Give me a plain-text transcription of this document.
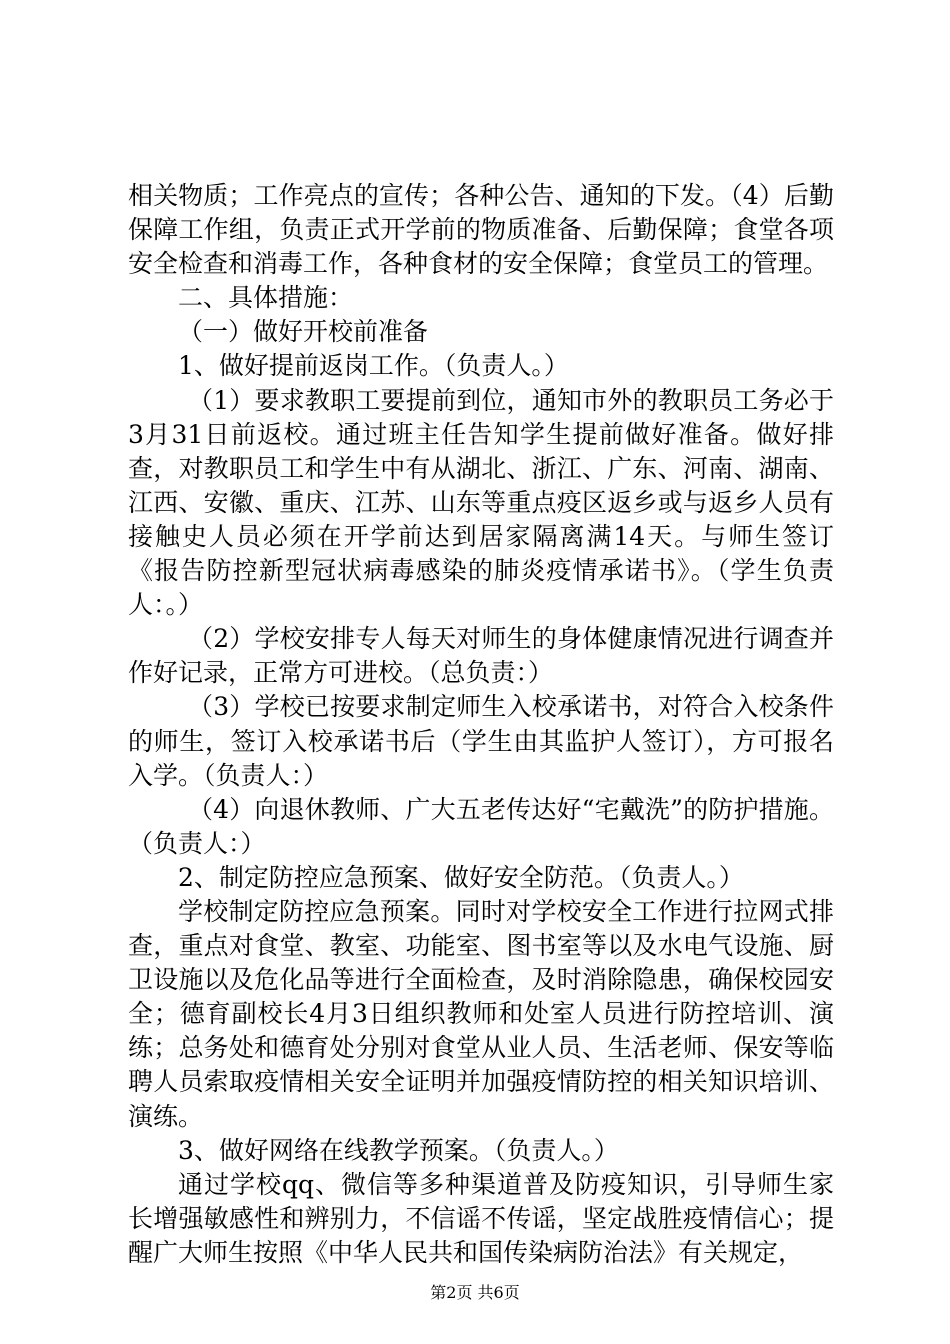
相关物质；工作亮点的宣传；各种公告、通知的下发。（4）后勤保障工作组，负责正式开学前的物质准备、后勤保障；食堂各项安全检查和消毒工作，各种食材的安全保障；食堂员工的管理。

二、具体措施：

（一）做好开校前准备

1、做好提前返岗工作。（负责人。）

（1）要求教职工要提前到位，通知市外的教职员工务必于3月31日前返校。通过班主任告知学生提前做好准备。做好排查，对教职员工和学生中有从湖北、浙江、广东、河南、湖南、江西、安徽、重庆、江苏、山东等重点疫区返乡或与返乡人员有接触史人员必须在开学前达到居家隔离满14天。与师生签订《报告防控新型冠状病毒感染的肺炎疫情承诺书》。（学生负责人：。）

（2）学校安排专人每天对师生的身体健康情况进行调查并作好记录，正常方可进校。（总负责：）

（3）学校已按要求制定师生入校承诺书，对符合入校条件的师生，签订入校承诺书后（学生由其监护人签订），方可报名入学。（负责人：）

（4）向退休教师、广大五老传达好“宅戴洗”的防护措施。（负责人：）

2、制定防控应急预案、做好安全防范。（负责人。）

学校制定防控应急预案。同时对学校安全工作进行拉网式排查，重点对食堂、教室、功能室、图书室等以及水电气设施、厨卫设施以及危化品等进行全面检查，及时消除隐患，确保校园安全；德育副校长4月3日组织教师和处室人员进行防控培训、演练；总务处和德育处分别对食堂从业人员、生活老师、保安等临聘人员索取疫情相关安全证明并加强疫情防控的相关知识培训、演练。

3、做好网络在线教学预案。（负责人。）

通过学校qq、微信等多种渠道普及防疫知识，引导师生家长增强敏感性和辨别力，不信谣不传谣，坚定战胜疫情信心；提醒广大师生按照《中华人民共和国传染病防治法》有关规定，

第2页 共6页
